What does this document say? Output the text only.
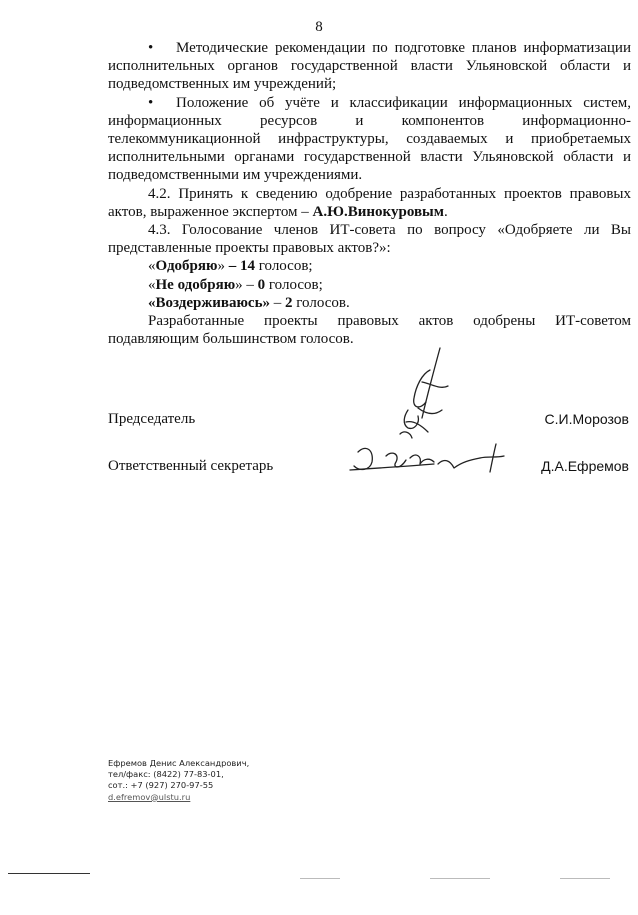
8

• Методические рекомендации по подготовке планов информатизации исполнительных органов государственной власти Ульяновской области и подведомственных им учреждений;

• Положение об учёте и классификации информационных систем, информационных ресурсов и компонентов информационно-телекоммуникационной инфраструктуры, создаваемых и приобретаемых исполнительными органами государственной власти Ульяновской области и подведомственными им учреждениями.

4.2. Принять к сведению одобрение разработанных проектов правовых актов, выраженное экспертом – А.Ю.Винокуровым.

4.3. Голосование членов ИТ-совета по вопросу «Одобряете ли Вы представленные проекты правовых актов?»:

«Одобряю» – 14 голосов;

«Не одобряю» – 0 голосов;

«Воздерживаюсь» – 2 голосов.

Разработанные проекты правовых актов одобрены ИТ-советом подавляющим большинством голосов.

Председатель	С.И.Морозов
Ответственный секретарь	Д.А.Ефремов
Ефремов Денис Александрович,
тел/факс: (8422) 77-83-01,
сот.: +7 (927) 270-97-55
d.efremov@ulstu.ru
